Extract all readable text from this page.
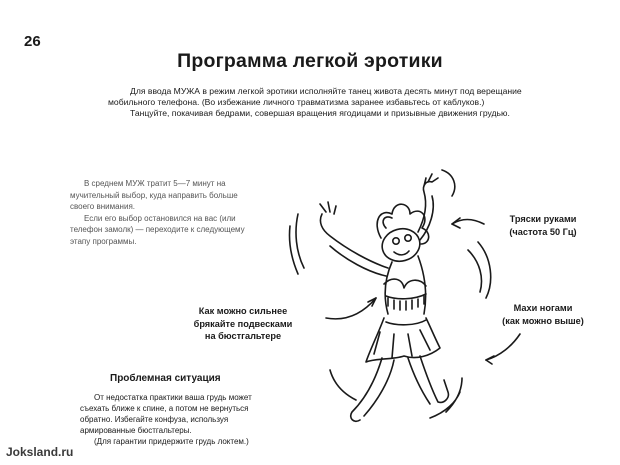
26
Программа легкой эротики

Для ввода МУЖА в режим легкой эротики исполняйте танец живота десять минут под верещание мобильного телефона. (Во избежание личного травматизма заранее избавьтесь от каблуков.)

Танцуйте, покачивая бедрами, совершая вращения ягодицами и призывные движения грудью.

В среднем МУЖ тратит 5—7 минут на мучительный выбор, куда направить больше своего внимания.

Если его выбор остановился на вас (или телефон замолк) — переходите к следующему этапу программы.

Тряски руками
(частота 50 Гц)
Махи ногами
(как можно выше)
Как можно сильнее
брякайте подвесками
на бюстгальтере
Проблемная ситуация

От недостатка практики ваша грудь может съехать ближе к спине, а потом не вернуться обратно. Избегайте конфуза, используя армированные бюстгальтеры.

(Для гарантии придержите грудь локтем.)

Joksland.ru
